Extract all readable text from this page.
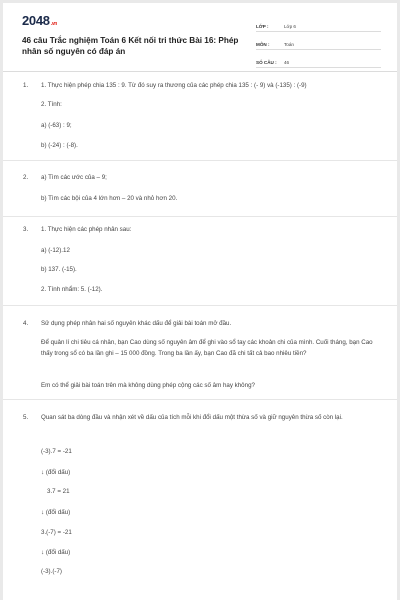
2048.vn
46 câu Trắc nghiệm Toán 6 Kết nối tri thức Bài 16: Phép nhân số nguyên có đáp án
LỚP :	Lớp 6
MÔN :	Toán
SỐ CÂU :	46
1. 1. Thực hiện phép chia 135 : 9. Từ đó suy ra thương của các phép chia 135 : (- 9) và (-135) : (-9)
2. Tính:
a) (-63) : 9;
b) (-24) : (-8).
2. a) Tìm các ước của – 9;
b) Tìm các bội của 4 lớn hơn – 20 và nhỏ hơn 20.
3. 1. Thực hiện các phép nhân sau:
a) (-12).12
b) 137. (-15).
2. Tính nhẩm: 5. (-12).
4. Sử dụng phép nhân hai số nguyên khác dấu để giải bài toán mở đầu.
Để quản lí chi tiêu cá nhân, bạn Cao dùng số nguyên âm để ghi vào sổ tay các khoản chi của mình. Cuối tháng, bạn Cao thấy trong sổ có ba lần ghi – 15 000 đồng. Trong ba lần ấy, bạn Cao đã chi tất cả bao nhiêu tiền?
Em có thể giải bài toán trên mà không dùng phép cộng các số âm hay không?
5. Quan sát ba dòng đầu và nhận xét về dấu của tích mỗi khi đổi dấu một thừa số và giữ nguyên thừa số còn lại.
(-3).7 = -21
↓ (đổi dấu)
3.7 = 21
↓ (đổi dấu)
3.(-7) = -21
↓ (đổi dấu)
(-3).(-7)
